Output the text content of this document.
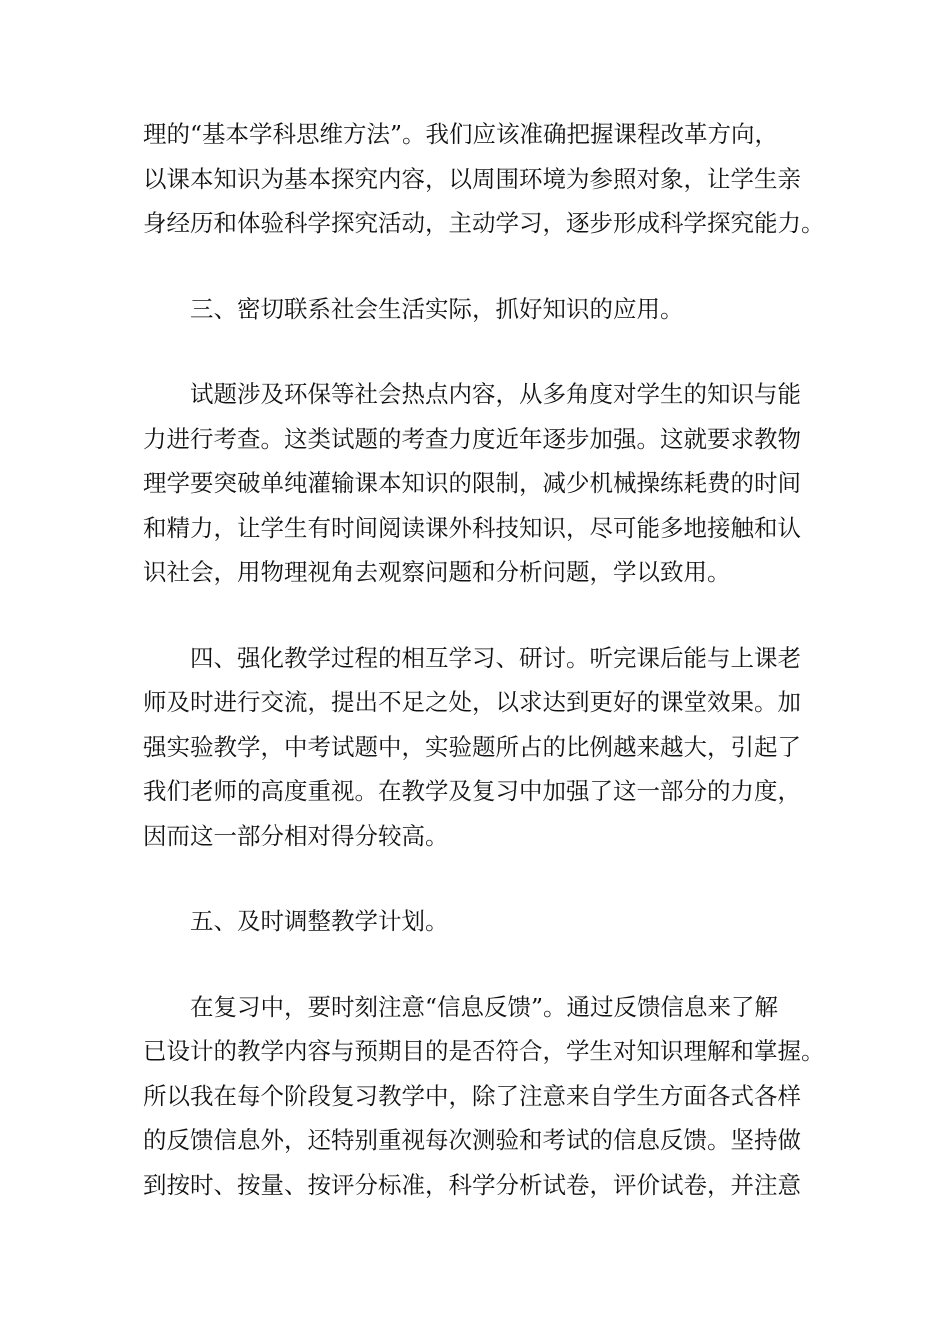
理的“基本学科思维方法”。我们应该准确把握课程改革方向，
以课本知识为基本探究内容，以周围环境为参照对象，让学生亲
身经历和体验科学探究活动，主动学习，逐步形成科学探究能力。
三、密切联系社会生活实际，抓好知识的应用。
试题涉及环保等社会热点内容，从多角度对学生的知识与能
力进行考查。这类试题的考查力度近年逐步加强。这就要求教物
理学要突破单纯灌输课本知识的限制，减少机械操练耗费的时间
和精力，让学生有时间阅读课外科技知识，尽可能多地接触和认
识社会，用物理视角去观察问题和分析问题，学以致用。
四、强化教学过程的相互学习、研讨。听完课后能与上课老
师及时进行交流，提出不足之处，以求达到更好的课堂效果。加
强实验教学，中考试题中，实验题所占的比例越来越大，引起了
我们老师的高度重视。在教学及复习中加强了这一部分的力度，
因而这一部分相对得分较高。
五、及时调整教学计划。
在复习中，要时刻注意“信息反馈”。通过反馈信息来了解
已设计的教学内容与预期目的是否符合，学生对知识理解和掌握。
所以我在每个阶段复习教学中，除了注意来自学生方面各式各样
的反馈信息外，还特别重视每次测验和考试的信息反馈。坚持做
到按时、按量、按评分标准，科学分析试卷，评价试卷，并注意
